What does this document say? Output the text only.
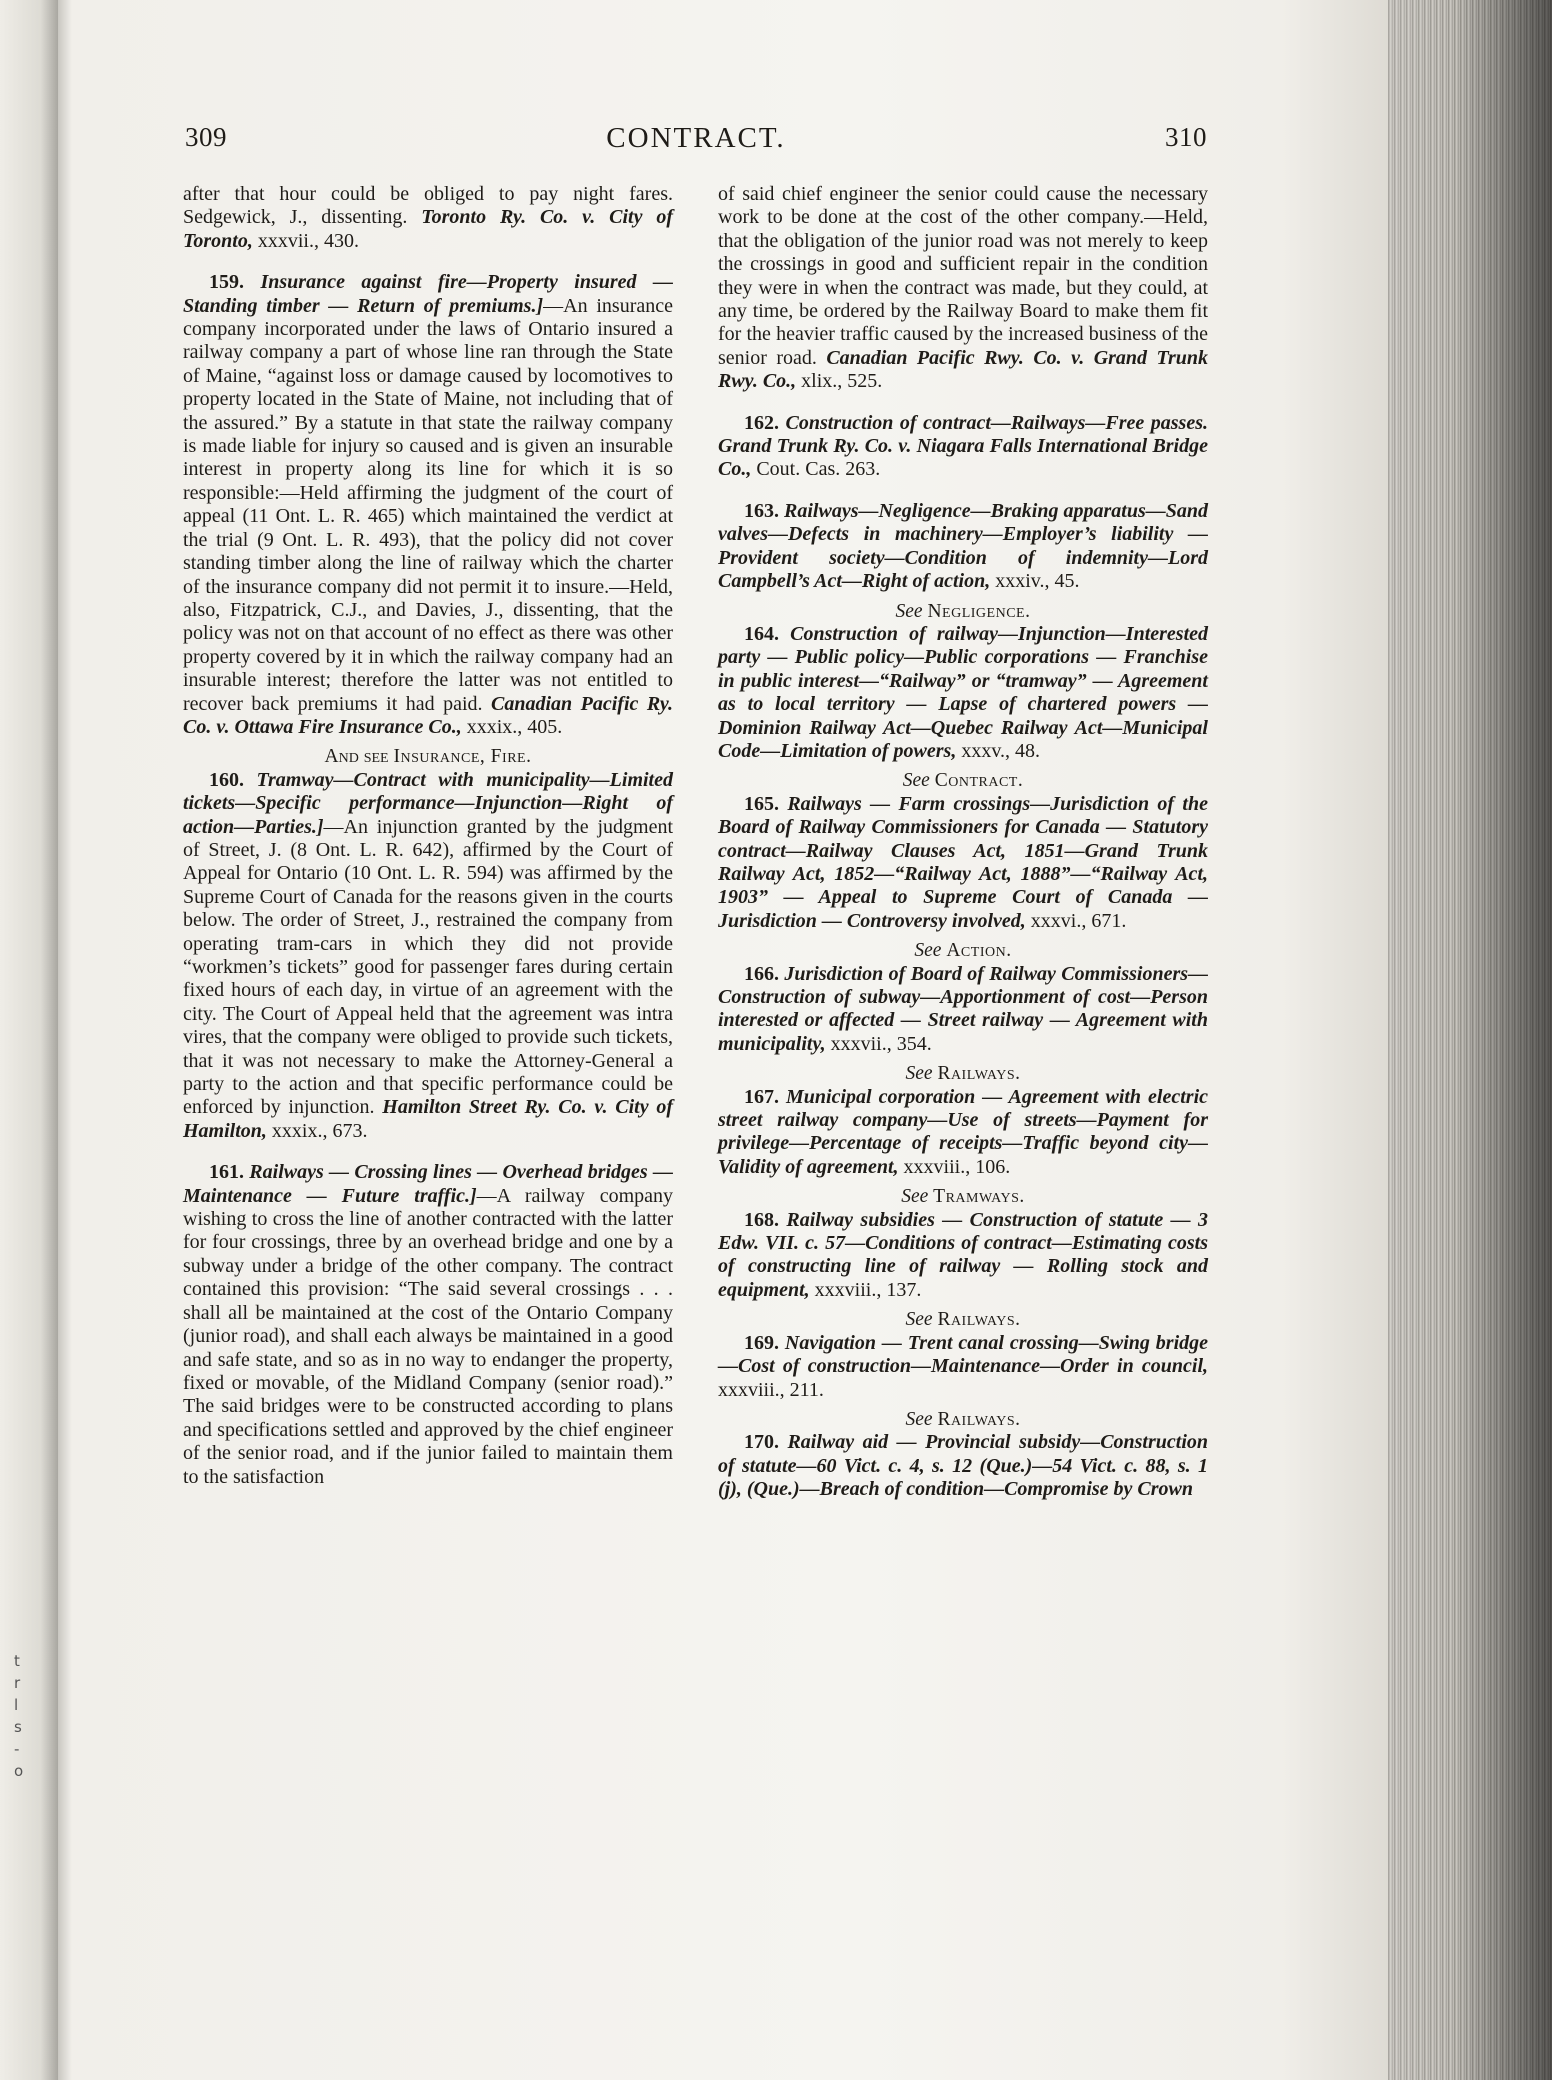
t
r
l
s
-
o
309	CONTRACT.	310

after that hour could be obliged to pay night fares. Sedgewick, J., dissenting. Toronto Ry. Co. v. City of Toronto, xxxvii., 430.

159. Insurance against fire—Property insured — Standing timber — Return of premiums.]—An insurance company incorporated under the laws of Ontario insured a railway company a part of whose line ran through the State of Maine, “against loss or damage caused by locomotives to property located in the State of Maine, not including that of the assured.” By a statute in that state the railway company is made liable for injury so caused and is given an insurable interest in property along its line for which it is so responsible:—Held affirming the judgment of the court of appeal (11 Ont. L. R. 465) which maintained the verdict at the trial (9 Ont. L. R. 493), that the policy did not cover standing timber along the line of railway which the charter of the insurance company did not permit it to insure.—Held, also, Fitzpatrick, C.J., and Davies, J., dissenting, that the policy was not on that account of no effect as there was other property covered by it in which the railway company had an insurable interest; therefore the latter was not entitled to recover back premiums it had paid. Canadian Pacific Ry. Co. v. Ottawa Fire Insurance Co., xxxix., 405.

And see Insurance, Fire.

160. Tramway—Contract with municipality—Limited tickets—Specific performance—Injunction—Right of action—Parties.]—An injunction granted by the judgment of Street, J. (8 Ont. L. R. 642), affirmed by the Court of Appeal for Ontario (10 Ont. L. R. 594) was affirmed by the Supreme Court of Canada for the reasons given in the courts below. The order of Street, J., restrained the company from operating tram-cars in which they did not provide “workmen’s tickets” good for passenger fares during certain fixed hours of each day, in virtue of an agreement with the city. The Court of Appeal held that the agreement was intra vires, that the company were obliged to provide such tickets, that it was not necessary to make the Attorney-General a party to the action and that specific performance could be enforced by injunction. Hamilton Street Ry. Co. v. City of Hamilton, xxxix., 673.

161. Railways — Crossing lines — Overhead bridges — Maintenance — Future traffic.]—A railway company wishing to cross the line of another contracted with the latter for four crossings, three by an overhead bridge and one by a subway under a bridge of the other company. The contract contained this provision: “The said several crossings . . . shall all be maintained at the cost of the Ontario Company (junior road), and shall each always be maintained in a good and safe state, and so as in no way to endanger the property, fixed or movable, of the Midland Company (senior road).” The said bridges were to be constructed according to plans and specifications settled and approved by the chief engineer of the senior road, and if the junior failed to maintain them to the satisfaction

of said chief engineer the senior could cause the necessary work to be done at the cost of the other company.—Held, that the obligation of the junior road was not merely to keep the crossings in good and sufficient repair in the condition they were in when the contract was made, but they could, at any time, be ordered by the Railway Board to make them fit for the heavier traffic caused by the increased business of the senior road. Canadian Pacific Rwy. Co. v. Grand Trunk Rwy. Co., xlix., 525.

162. Construction of contract—Railways—Free passes. Grand Trunk Ry. Co. v. Niagara Falls International Bridge Co., Cout. Cas. 263.

163. Railways—Negligence—Braking apparatus—Sand valves—Defects in machinery—Employer’s liability — Provident society—Condition of indemnity—Lord Campbell’s Act—Right of action, xxxiv., 45.

See Negligence.

164. Construction of railway—Injunction—Interested party — Public policy—Public corporations — Franchise in public interest—“Railway” or “tramway” — Agreement as to local territory — Lapse of chartered powers — Dominion Railway Act—Quebec Railway Act—Municipal Code—Limitation of powers, xxxv., 48.

See Contract.

165. Railways — Farm crossings—Jurisdiction of the Board of Railway Commissioners for Canada — Statutory contract—Railway Clauses Act, 1851—Grand Trunk Railway Act, 1852—“Railway Act, 1888”—“Railway Act, 1903” — Appeal to Supreme Court of Canada — Jurisdiction — Controversy involved, xxxvi., 671.

See Action.

166. Jurisdiction of Board of Railway Commissioners—Construction of subway—Apportionment of cost—Person interested or affected — Street railway — Agreement with municipality, xxxvii., 354.

See Railways.

167. Municipal corporation — Agreement with electric street railway company—Use of streets—Payment for privilege—Percentage of receipts—Traffic beyond city—Validity of agreement, xxxviii., 106.

See Tramways.

168. Railway subsidies — Construction of statute — 3 Edw. VII. c. 57—Conditions of contract—Estimating costs of constructing line of railway — Rolling stock and equipment, xxxviii., 137.

See Railways.

169. Navigation — Trent canal crossing—Swing bridge—Cost of construction—Maintenance—Order in council, xxxviii., 211.

See Railways.

170. Railway aid — Provincial subsidy—Construction of statute—60 Vict. c. 4, s. 12 (Que.)—54 Vict. c. 88, s. 1 (j), (Que.)—Breach of condition—Compromise by Crown
